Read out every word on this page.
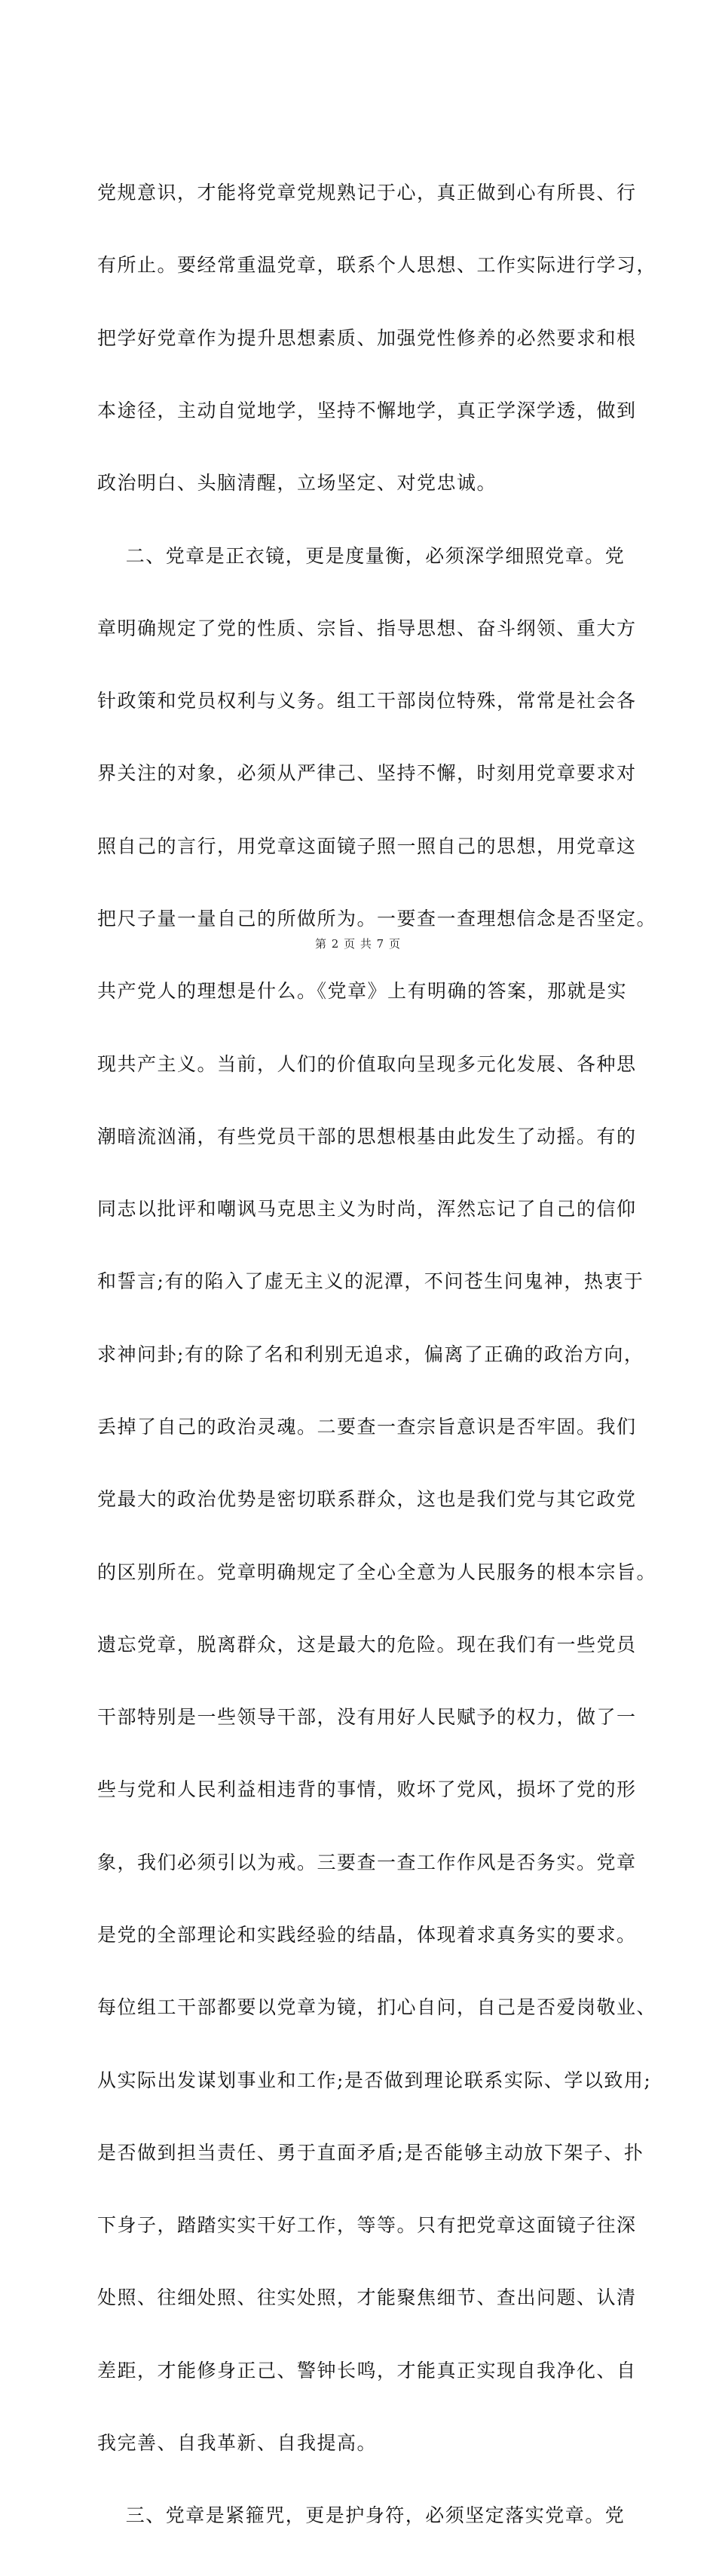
党规意识，才能将党章党规熟记于心，真正做到心有所畏、行

有所止。要经常重温党章，联系个人思想、工作实际进行学习，

把学好党章作为提升思想素质、加强党性修养的必然要求和根

本途径，主动自觉地学，坚持不懈地学，真正学深学透，做到

政治明白、头脑清醒，立场坚定、对党忠诚。

二、党章是正衣镜，更是度量衡，必须深学细照党章。党

章明确规定了党的性质、宗旨、指导思想、奋斗纲领、重大方

针政策和党员权利与义务。组工干部岗位特殊，常常是社会各

界关注的对象，必须从严律己、坚持不懈，时刻用党章要求对

照自己的言行，用党章这面镜子照一照自己的思想，用党章这

把尺子量一量自己的所做所为。一要查一查理想信念是否坚定。

共产党人的理想是什么。《党章》上有明确的答案，那就是实

现共产主义。当前，人们的价值取向呈现多元化发展、各种思

潮暗流汹涌，有些党员干部的思想根基由此发生了动摇。有的

同志以批评和嘲讽马克思主义为时尚，浑然忘记了自己的信仰

和誓言;有的陷入了虚无主义的泥潭，不问苍生问鬼神，热衷于

求神问卦;有的除了名和利别无追求，偏离了正确的政治方向，

丢掉了自己的政治灵魂。二要查一查宗旨意识是否牢固。我们

党最大的政治优势是密切联系群众，这也是我们党与其它政党

的区别所在。党章明确规定了全心全意为人民服务的根本宗旨。

遗忘党章，脱离群众，这是最大的危险。现在我们有一些党员

干部特别是一些领导干部，没有用好人民赋予的权力，做了一

些与党和人民利益相违背的事情，败坏了党风，损坏了党的形

象，我们必须引以为戒。三要查一查工作作风是否务实。党章

是党的全部理论和实践经验的结晶，体现着求真务实的要求。

每位组工干部都要以党章为镜，扪心自问，自己是否爱岗敬业、

从实际出发谋划事业和工作;是否做到理论联系实际、学以致用;

是否做到担当责任、勇于直面矛盾;是否能够主动放下架子、扑

下身子，踏踏实实干好工作，等等。只有把党章这面镜子往深

处照、往细处照、往实处照，才能聚焦细节、查出问题、认清

差距，才能修身正己、警钟长鸣，才能真正实现自我净化、自

我完善、自我革新、自我提高。

三、党章是紧箍咒，更是护身符，必须坚定落实党章。党

第 2 页 共 7 页
